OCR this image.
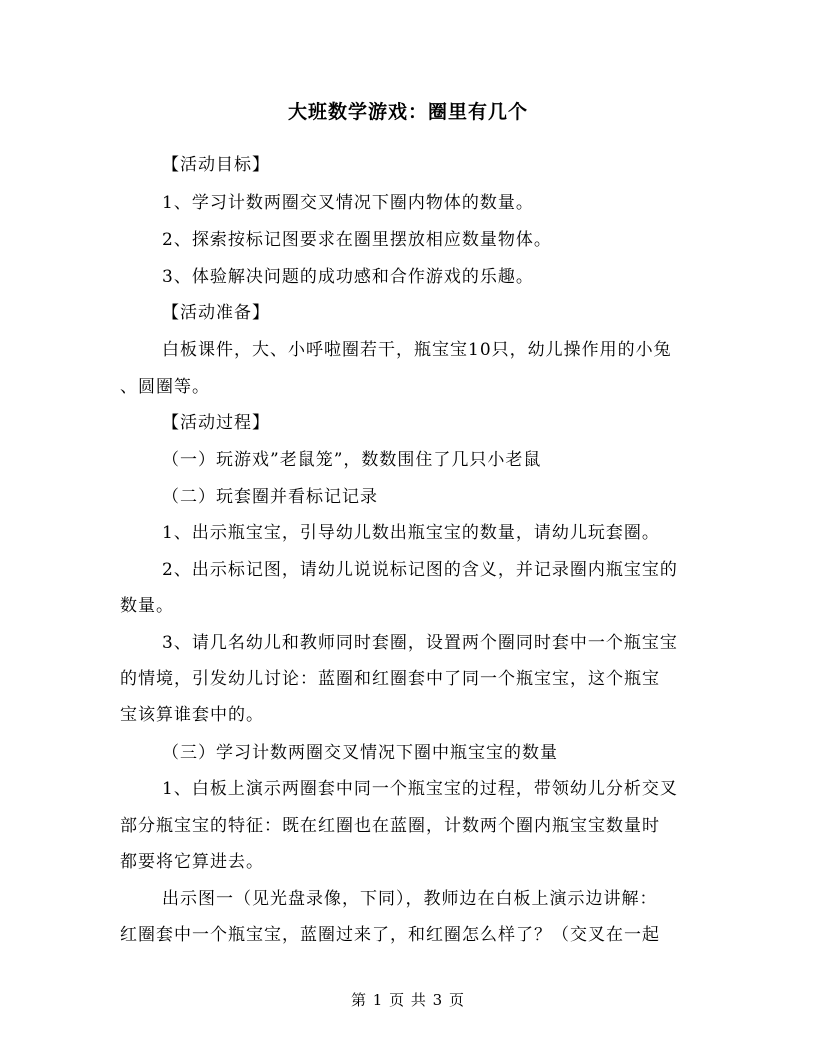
大班数学游戏：圈里有几个
【活动目标】
1、学习计数两圈交叉情况下圈内物体的数量。
2、探索按标记图要求在圈里摆放相应数量物体。
3、体验解决问题的成功感和合作游戏的乐趣。
【活动准备】
白板课件，大、小呼啦圈若干，瓶宝宝10只，幼儿操作用的小兔
、圆圈等。
【活动过程】
（一）玩游戏”老鼠笼”，数数围住了几只小老鼠
（二）玩套圈并看标记记录
1、出示瓶宝宝，引导幼儿数出瓶宝宝的数量，请幼儿玩套圈。
2、出示标记图，请幼儿说说标记图的含义，并记录圈内瓶宝宝的
数量。
3、请几名幼儿和教师同时套圈，设置两个圈同时套中一个瓶宝宝
的情境，引发幼儿讨论：蓝圈和红圈套中了同一个瓶宝宝，这个瓶宝
宝该算谁套中的。
（三）学习计数两圈交叉情况下圈中瓶宝宝的数量
1、白板上演示两圈套中同一个瓶宝宝的过程，带领幼儿分析交叉
部分瓶宝宝的特征：既在红圈也在蓝圈，计数两个圈内瓶宝宝数量时
都要将它算进去。
出示图一（见光盘录像，下同），教师边在白板上演示边讲解：
红圈套中一个瓶宝宝，蓝圈过来了，和红圈怎么样了？（交叉在一起
第 1 页 共 3 页
